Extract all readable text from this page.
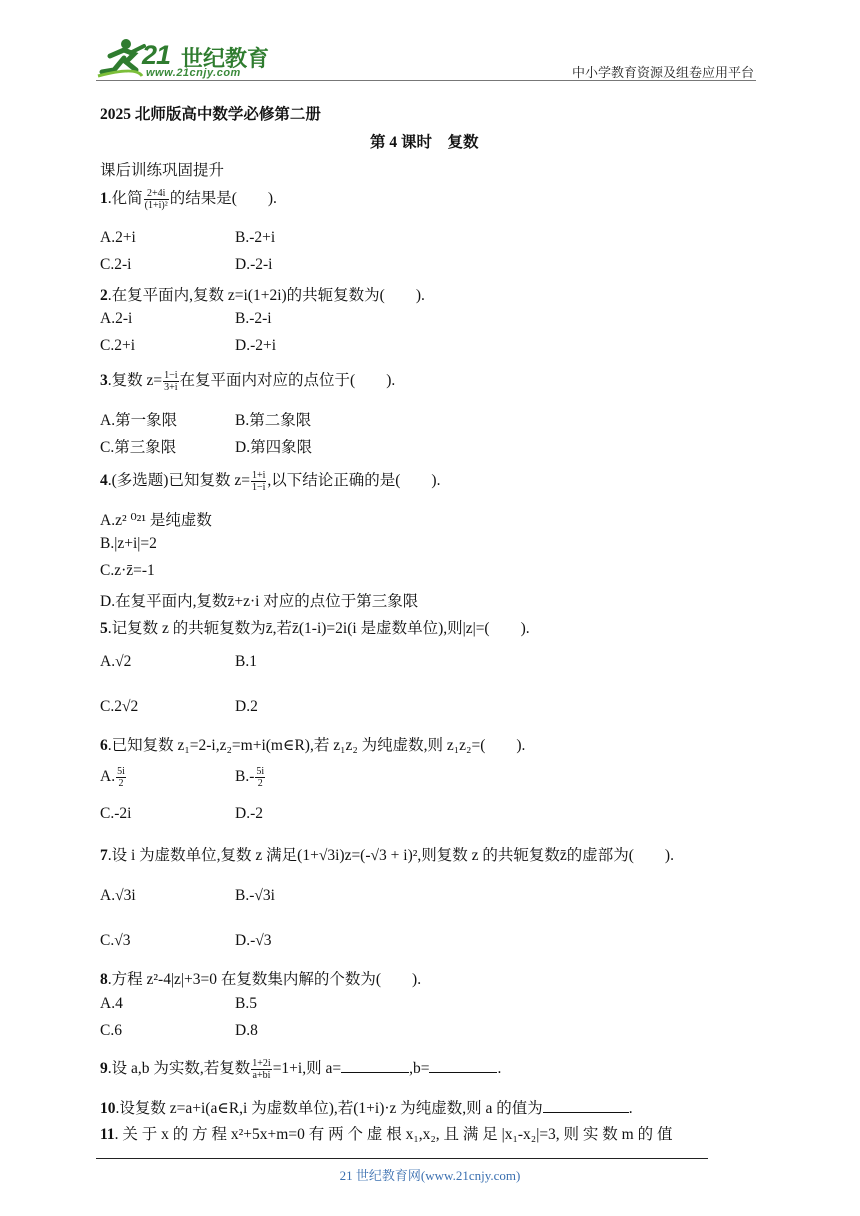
21 世纪教育
www.21cnjy.com	中小学教育资源及组卷应用平台
2025 北师版高中数学必修第二册
第 4 课时　复数
课后训练巩固提升
1.化简 $\frac{2+4i}{\text{(1+i)²}}$ 的结果是(　　).
A.2+i	B.-2+i
C.2-i	D.-2-i
2.在复平面内,复数 z=i(1+2i)的共轭复数为(　　).
A.2-i	B.-2-i
C.2+i	D.-2+i
3.复数 $z= \frac{1-i}{3+i}$ 在复平面内对应的点位于(　　).
A.第一象限	B.第二象限
C.第三象限	D.第四象限
4.(多选题)已知复数 $z= \frac{1+i}{1-i}$ ,以下结论正确的是(　　).
A.z² ⁰²¹ 是纯虚数
B.|z+i|=2
C.z·z̄=-1
D.在复平面内,复数z̄+z·i 对应的点位于第三象限
5.记复数 z 的共轭复数为z̄,若z̄(1-i)=2i(i 是虚数单位),则|z|=(　　).
A.√2	B.1
C.2√2	D.2
6.已知复数 z₁=2-i,z₂=m+i(m∈R),若 z₁z₂ 为纯虚数,则 z₁z₂=(　　).
A. $\frac{5i}{2}$	$B.- \frac{5i}{2}$
C.-2i	D.-2
7.设 i 为虚数单位,复数 z 满足(1+√3i)z=(-√3 + i)²,则复数 z 的共轭复数z̄的虚部为(　　).
A.√3i	B.-√3i
C.√3	D.-√3
8.方程 z²-4|z|+3=0 在复数集内解的个数为(　　).
A.4	B.5
C.6	D.8
9.设 a,b 为实数,若复数 $\frac{1+2i}{a+bi} =1+i$,则 a=	,b=	.
10.设复数 z=a+i(a∈R,i 为虚数单位),若(1+i)·z 为纯虚数,则 a 的值为	.
11. 关 于 x 的 方 程 x²+5x+m=0 有 两 个 虚 根 x₁,x₂, 且 满 足 |x₁-x₂|=3, 则 实 数 m 的 值
21 世纪教育网(www.21cnjy.com)
